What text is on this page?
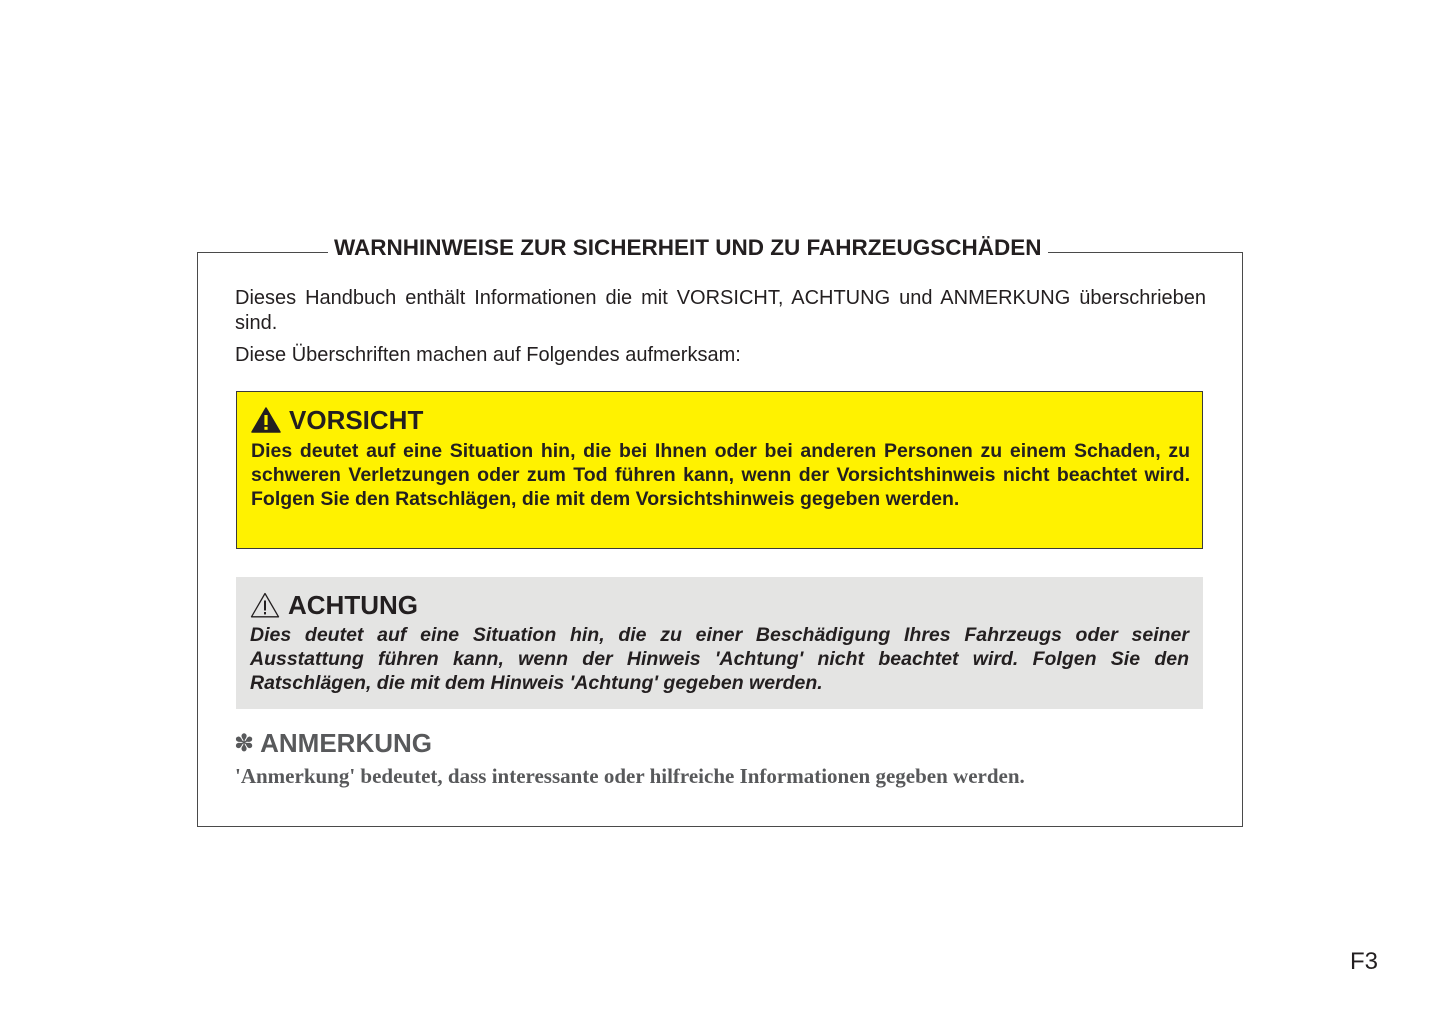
WARNHINWEISE ZUR SICHERHEIT UND ZU FAHRZEUGSCHÄDEN
Dieses Handbuch enthält Informationen die mit VORSICHT, ACHTUNG und ANMERKUNG überschrieben sind.
Diese Überschriften machen auf Folgendes aufmerksam:
VORSICHT
Dies deutet auf eine Situation hin, die bei Ihnen oder bei anderen Personen zu einem Schaden, zu schweren Verletzungen oder zum Tod führen kann, wenn der Vorsichtshinweis nicht beachtet wird. Folgen Sie den Ratschlägen, die mit dem Vorsichtshinweis gegeben werden.
ACHTUNG
Dies deutet auf eine Situation hin, die zu einer Beschädigung Ihres Fahrzeugs oder seiner Ausstattung führen kann, wenn der Hinweis 'Achtung' nicht beachtet wird. Folgen Sie den Ratschlägen, die mit dem Hinweis 'Achtung' gegeben werden.
✽ ANMERKUNG
'Anmerkung' bedeutet, dass interessante oder hilfreiche Informationen gegeben werden.
F3
